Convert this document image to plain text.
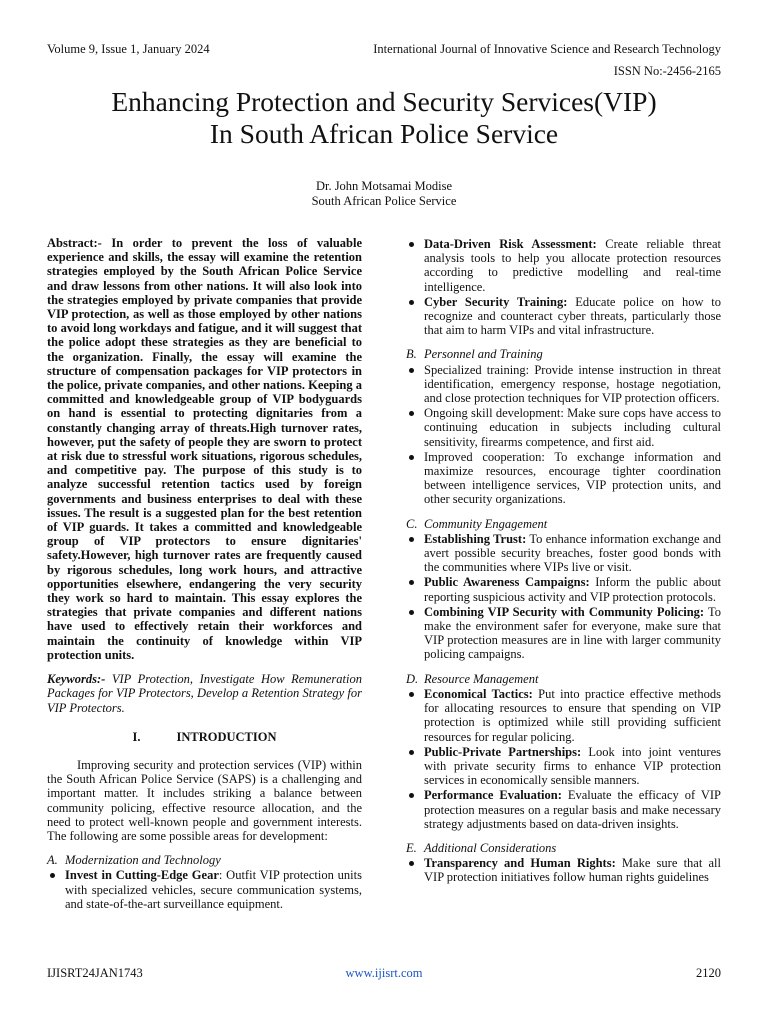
Volume 9, Issue 1, January 2024	International Journal of Innovative Science and Research Technology
ISSN No:-2456-2165
Enhancing Protection and Security Services(VIP)
In South African Police Service
Dr. John Motsamai Modise
South African Police Service

Abstract:- In order to prevent the loss of valuable experience and skills, the essay will examine the retention strategies employed by the South African Police Service and draw lessons from other nations. It will also look into the strategies employed by private companies that provide VIP protection, as well as those employed by other nations to avoid long workdays and fatigue, and it will suggest that the police adopt these strategies as they are beneficial to the organization. Finally, the essay will examine the structure of compensation packages for VIP protectors in the police, private companies, and other nations. Keeping a committed and knowledgeable group of VIP bodyguards on hand is essential to protecting dignitaries from a constantly changing array of threats.High turnover rates, however, put the safety of people they are sworn to protect at risk due to stressful work situations, rigorous schedules, and competitive pay. The purpose of this study is to analyze successful retention tactics used by foreign governments and business enterprises to deal with these issues. The result is a suggested plan for the best retention of VIP guards. It takes a committed and knowledgeable group of VIP protectors to ensure dignitaries' safety.However, high turnover rates are frequently caused by rigorous schedules, long work hours, and attractive opportunities elsewhere, endangering the very security they work so hard to maintain. This essay explores the strategies that private companies and different nations have used to effectively retain their workforces and maintain the continuity of knowledge within VIP protection units.

Keywords:- VIP Protection, Investigate How Remuneration Packages for VIP Protectors, Develop a Retention Strategy for VIP Protectors.

I.	INTRODUCTION

Improving security and protection services (VIP) within the South African Police Service (SAPS) is a challenging and important matter. It includes striking a balance between community policing, effective resource allocation, and the need to protect well-known people and government interests. The following are some possible areas for development:

A. Modernization and Technology
Invest in Cutting-Edge Gear: Outfit VIP protection units with specialized vehicles, secure communication systems, and state-of-the-art surveillance equipment.
Data-Driven Risk Assessment: Create reliable threat analysis tools to help you allocate protection resources according to predictive modelling and real-time intelligence.
Cyber Security Training: Educate police on how to recognize and counteract cyber threats, particularly those that aim to harm VIPs and vital infrastructure.
B. Personnel and Training
Specialized training: Provide intense instruction in threat identification, emergency response, hostage negotiation, and close protection techniques for VIP protection officers.
Ongoing skill development: Make sure cops have access to continuing education in subjects including cultural sensitivity, firearms competence, and first aid.
Improved cooperation: To exchange information and maximize resources, encourage tighter coordination between intelligence services, VIP protection units, and other security organizations.
C. Community Engagement
Establishing Trust: To enhance information exchange and avert possible security breaches, foster good bonds with the communities where VIPs live or visit.
Public Awareness Campaigns: Inform the public about reporting suspicious activity and VIP protection protocols.
Combining VIP Security with Community Policing: To make the environment safer for everyone, make sure that VIP protection measures are in line with larger community policing campaigns.
D. Resource Management
Economical Tactics: Put into practice effective methods for allocating resources to ensure that spending on VIP protection is optimized while still providing sufficient resources for regular policing.
Public-Private Partnerships: Look into joint ventures with private security firms to enhance VIP protection services in economically sensible manners.
Performance Evaluation: Evaluate the efficacy of VIP protection measures on a regular basis and make necessary strategy adjustments based on data-driven insights.
E. Additional Considerations
Transparency and Human Rights: Make sure that all VIP protection initiatives follow human rights guidelines
IJISRT24JAN1743	www.ijisrt.com	2120
